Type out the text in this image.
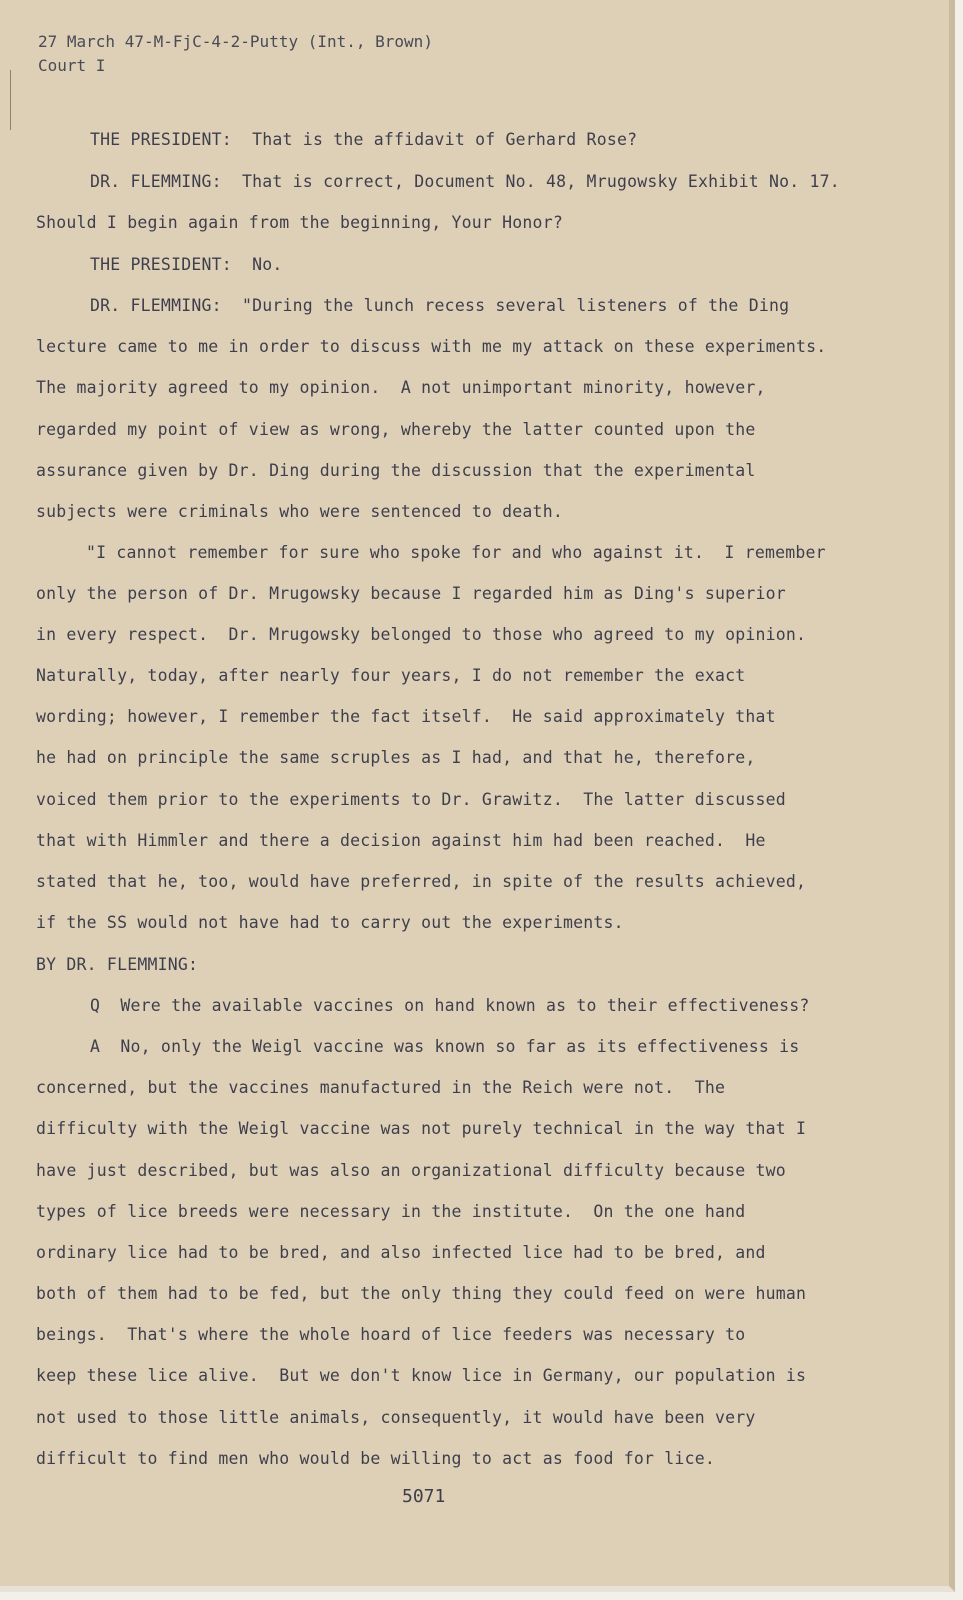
27 March 47-M-FjC-4-2-Putty (Int., Brown)
Court I
THE PRESIDENT:  That is the affidavit of Gerhard Rose?
DR. FLEMMING:  That is correct, Document No. 48, Mrugowsky Exhibit No. 17.
Should I begin again from the beginning, Your Honor?
THE PRESIDENT:  No.
DR. FLEMMING:  "During the lunch recess several listeners of the Ding
lecture came to me in order to discuss with me my attack on these experiments.
The majority agreed to my opinion.  A not unimportant minority, however,
regarded my point of view as wrong, whereby the latter counted upon the
assurance given by Dr. Ding during the discussion that the experimental
subjects were criminals who were sentenced to death.
"I cannot remember for sure who spoke for and who against it.  I remember
only the person of Dr. Mrugowsky because I regarded him as Ding's superior
in every respect.  Dr. Mrugowsky belonged to those who agreed to my opinion.
Naturally, today, after nearly four years, I do not remember the exact
wording; however, I remember the fact itself.  He said approximately that
he had on principle the same scruples as I had, and that he, therefore,
voiced them prior to the experiments to Dr. Grawitz.  The latter discussed
that with Himmler and there a decision against him had been reached.  He
stated that he, too, would have preferred, in spite of the results achieved,
if the SS would not have had to carry out the experiments.
BY DR. FLEMMING:
Q  Were the available vaccines on hand known as to their effectiveness?
A  No, only the Weigl vaccine was known so far as its effectiveness is
concerned, but the vaccines manufactured in the Reich were not.  The
difficulty with the Weigl vaccine was not purely technical in the way that I
have just described, but was also an organizational difficulty because two
types of lice breeds were necessary in the institute.  On the one hand
ordinary lice had to be bred, and also infected lice had to be bred, and
both of them had to be fed, but the only thing they could feed on were human
beings.  That's where the whole hoard of lice feeders was necessary to
keep these lice alive.  But we don't know lice in Germany, our population is
not used to those little animals, consequently, it would have been very
difficult to find men who would be willing to act as food for lice.
5071
